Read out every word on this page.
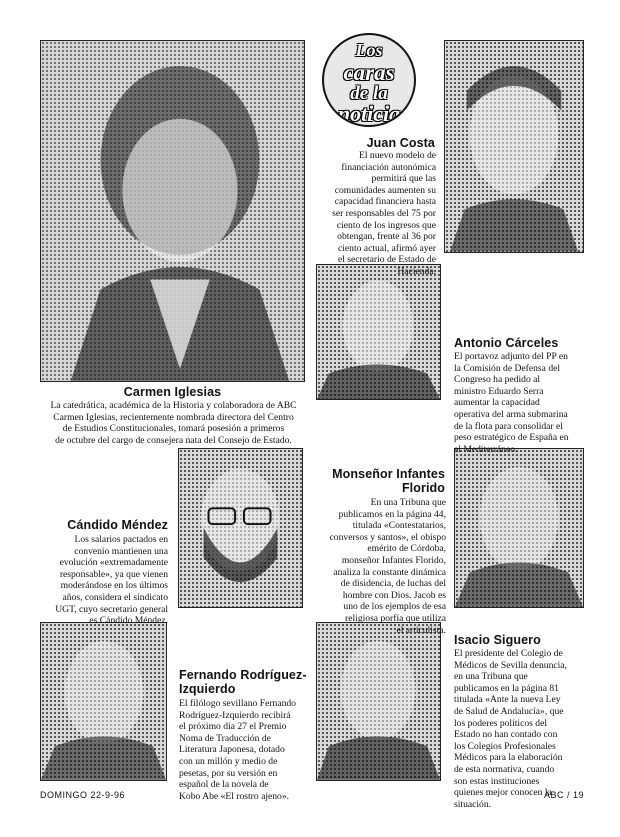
Los
caras
de la
noticia
Carmen Iglesias
La catedrática, académica de la Historia y colaboradora de ABC
Carmen Iglesias, recientemente nombrada directora del Centro
de Estudios Constitucionales, tomará posesión a primeros
de octubre del cargo de consejera nata del Consejo de Estado.
Juan Costa
El nuevo modelo de
financiación autonómica
permitirá que las
comunidades aumenten su
capacidad financiera hasta
ser responsables del 75 por
ciento de los ingresos que
obtengan, frente al 36 por
ciento actual, afirmó ayer
el secretario de Estado de
Hacienda.
Antonio Cárceles
El portavoz adjunto del PP en
la Comisión de Defensa del
Congreso ha pedido al
ministro Eduardo Serra
aumentar la capacidad
operativa del arma submarina
de la flota para consolidar el
peso estratégico de España en
el Mediterráneo.
Cándido Méndez
Los salarios pactados en
convenio mantienen una
evolución «extremadamente
responsable», ya que vienen
moderándose en los últimos
años, considera el sindicato
UGT, cuyo secretario general
es Cándido Méndez.
Monseñor Infantes
Florido
En una Tribuna que
publicamos en la página 44,
titulada «Contestatarios,
conversos y santos», el obispo
emérito de Córdoba,
monseñor Infantes Florido,
analiza la constante dinámica
de disidencia, de luchas del
hombre con Dios. Jacob es
uno de los ejemplos de esa
religiosa porfía que utiliza
el articulista.
Fernando Rodríguez-
Izquierdo
El filólogo sevillano Fernando
Rodríguez-Izquierdo recibirá
el próximo día 27 el Premio
Noma de Traducción de
Literatura Japonesa, dotado
con un millón y medio de
pesetas, por su versión en
español de la novela de
Kobo Abe «El rostro ajeno».
Isacio Siguero
El presidente del Colegio de
Médicos de Sevilla denuncia,
en una Tribuna que
publicamos en la página 81
titulada «Ante la nueva Ley
de Salud de Andalucía», que
los poderes políticos del
Estado no han contado con
los Colegios Profesionales
Médicos para la elaboración
de esta normativa, cuando
son estas instituciones
quienes mejor conocen la
situación.
DOMINGO 22-9-96	ABC / 19
